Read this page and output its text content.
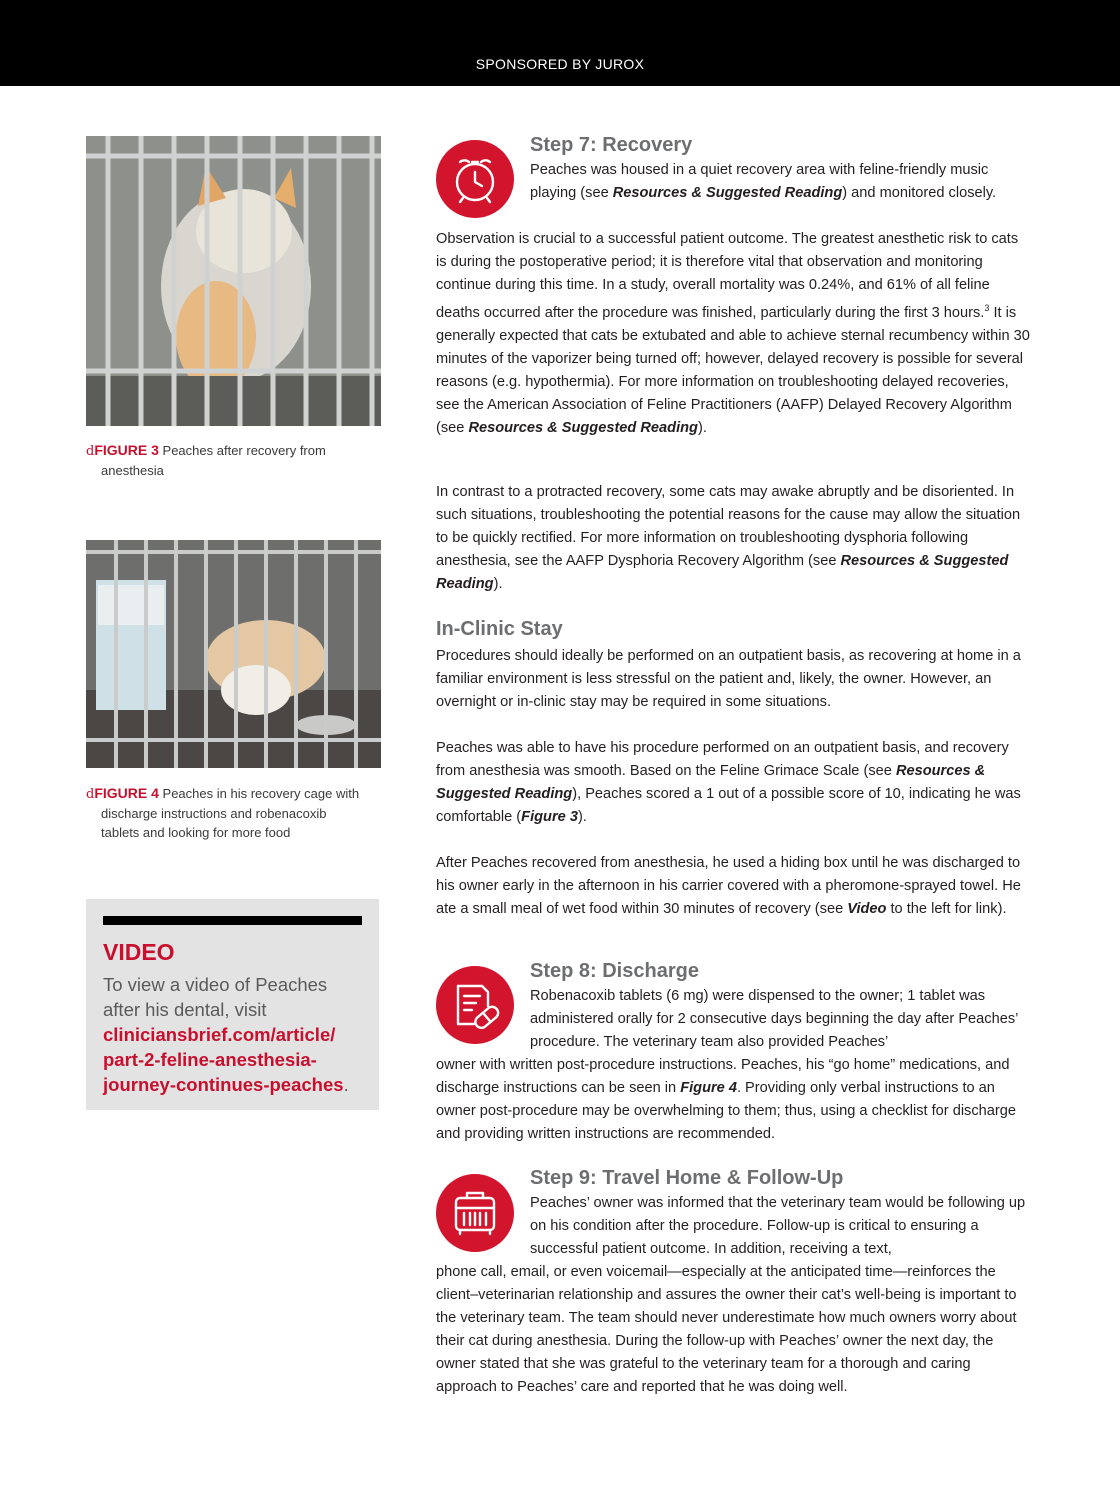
SPONSORED BY JUROX
dFIGURE 3 Peaches after recovery from
anesthesia
dFIGURE 4 Peaches in his recovery cage with
discharge instructions and robenacoxib
tablets and looking for more food
VIDEO
To view a video of Peaches after his dental, visit
cliniciansbrief.com/article/
part-2-feline-anesthesia-
journey-continues-peaches.
Step 7: Recovery
Peaches was housed in a quiet recovery area with feline-friendly music playing (see Resources & Suggested Reading) and monitored closely.
Observation is crucial to a successful patient outcome. The greatest anesthetic risk to cats is during the postoperative period; it is therefore vital that observation and monitoring continue during this time. In a study, overall mortality was 0.24%, and 61% of all feline deaths occurred after the procedure was finished, particularly during the first 3 hours.$^3$ It is generally expected that cats be extubated and able to achieve sternal recumbency within 30 minutes of the vaporizer being turned off; however, delayed recovery is possible for several reasons (e.g. hypothermia). For more information on troubleshooting delayed recoveries, see the American Association of Feline Practitioners (AAFP) Delayed Recovery Algorithm (see Resources & Suggested Reading).
In contrast to a protracted recovery, some cats may awake abruptly and be disoriented. In such situations, troubleshooting the potential reasons for the cause may allow the situation to be quickly rectified. For more information on troubleshooting dysphoria following anesthesia, see the AAFP Dysphoria Recovery Algorithm (see Resources & Suggested Reading).
In-Clinic Stay
Procedures should ideally be performed on an outpatient basis, as recovering at home in a familiar environment is less stressful on the patient and, likely, the owner. However, an overnight or in-clinic stay may be required in some situations.
Peaches was able to have his procedure performed on an outpatient basis, and recovery from anesthesia was smooth. Based on the Feline Grimace Scale (see Resources & Suggested Reading), Peaches scored a 1 out of a possible score of 10, indicating he was comfortable (Figure 3).
After Peaches recovered from anesthesia, he used a hiding box until he was discharged to his owner early in the afternoon in his carrier covered with a pheromone-sprayed towel. He ate a small meal of wet food within 30 minutes of recovery (see Video to the left for link).
Step 8: Discharge
Robenacoxib tablets (6 mg) were dispensed to the owner; 1 tablet was administered orally for 2 consecutive days beginning the day after Peaches’ procedure. The veterinary team also provided Peaches’
owner with written post-procedure instructions. Peaches, his “go home” medications, and discharge instructions can be seen in Figure 4. Providing only verbal instructions to an owner post-procedure may be overwhelming to them; thus, using a checklist for discharge and providing written instructions are recommended.
Step 9: Travel Home & Follow-Up
Peaches’ owner was informed that the veterinary team would be following up on his condition after the procedure. Follow-up is critical to ensuring a successful patient outcome. In addition, receiving a text,
phone call, email, or even voicemail—especially at the anticipated time—reinforces the client–veterinarian relationship and assures the owner their cat’s well-being is important to the veterinary team. The team should never underestimate how much owners worry about their cat during anesthesia. During the follow-up with Peaches’ owner the next day, the owner stated that she was grateful to the veterinary team for a thorough and caring approach to Peaches’ care and reported that he was doing well.
